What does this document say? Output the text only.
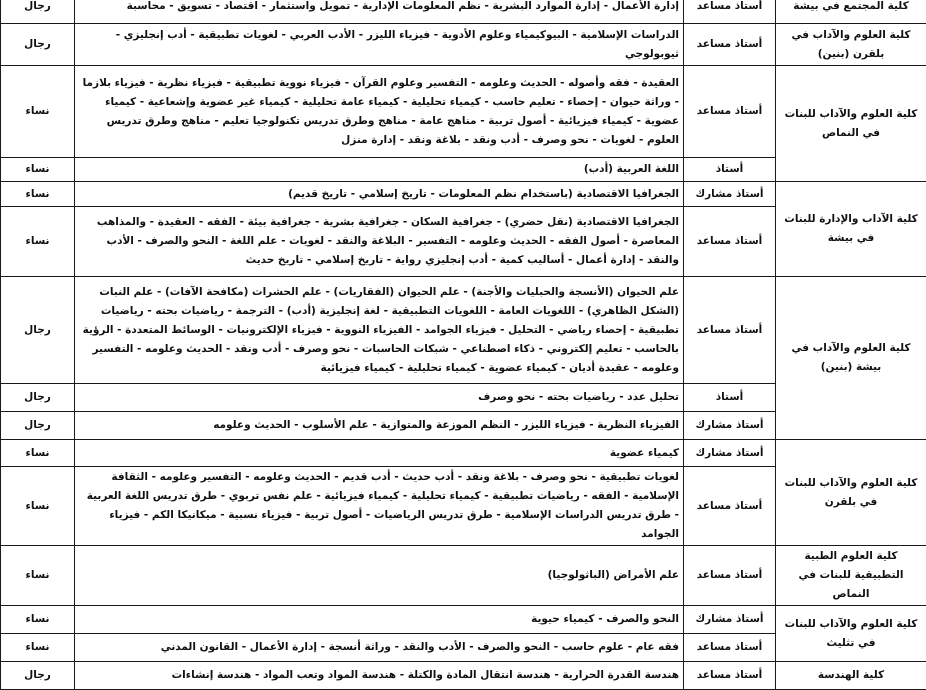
كلية المجتمع في بيشة	أستاذ مساعد	إدارة الأعمال - إدارة الموارد البشرية - نظم المعلومات الإدارية - تمويل واستثمار - اقتصاد - تسويق - محاسبة	رجال
كلية العلوم والآداب في بلقرن (بنين)	أستاذ مساعد	الدراسات الإسلامية - البيوكيمياء وعلوم الأدوية - فيزياء الليزر - الأدب العربي - لغويات تطبيقية - أدب إنجليزي - ثيوبولوجي	رجال
كلية العلوم والآداب للبنات في النماص	أستاذ مساعد	العقيدة - فقه وأصوله - الحديث وعلومه - التفسير وعلوم القرآن - فيزياء نووية تطبيقية - فيزياء نظرية - فيزياء بلازما - وراثة حيوان - إحصاء - تعليم حاسب - كيمياء تحليلية - كيمياء عامة تحليلية - كيمياء غير عضوية وإشعاعية - كيمياء عضوية - كيمياء فيزيائية - أصول تربية - مناهج عامة - مناهج وطرق تدريس تكنولوجيا تعليم - مناهج وطرق تدريس العلوم - لغويات - نحو وصرف - أدب ونقد - بلاغة ونقد - إدارة منزل	نساء
	أستاذ	اللغة العربية (أدب)	نساء
كلية الآداب والإدارة للبنات في بيشة	أستاذ مشارك	الجغرافيا الاقتصادية (باستخدام نظم المعلومات - تاريخ إسلامي - تاريخ قديم)	نساء
	أستاذ مساعد	الجغرافيا الاقتصادية (نقل حضري) - جغرافية السكان - جغرافية بشرية - جغرافية بيئة - الفقه - العقيدة - والمذاهب المعاصرة - أصول الفقه - الحديث وعلومه - التفسير - البلاغة والنقد - لغويات - علم اللغة - النحو والصرف - الأدب والنقد - إدارة أعمال - أساليب كمية - أدب إنجليزي رواية - تاريخ إسلامي - تاريخ حديث	نساء
كلية العلوم والآداب في بيشة (بنين)	أستاذ مساعد	علم الحيوان (الأنسجة والحبليات والأجنة) - علم الحيوان (الفقاريات) - علم الحشرات (مكافحة الآفات) - علم النبات (الشكل الظاهري) - اللغويات العامة - اللغويات التطبيقية - لغة إنجليزية (أدب) - الترجمة - رياضيات بحته - رياضيات تطبيقية - إحصاء رياضي - التحليل - فيزياء الجوامد - الفيزياء النووية - فيزياء الإلكترونيات - الوسائط المتعددة - الرؤية بالحاسب - تعليم إلكتروني - ذكاء اصطناعي - شبكات الحاسبات - نحو وصرف - أدب ونقد - الحديث وعلومه - التفسير وعلومه - عقيدة أديان - كيمياء عضوية - كيمياء تحليلية - كيمياء فيزيائية	رجال
	أستاذ	تحليل عدد - رياضيات بحته - نحو وصرف	رجال
	أستاذ مشارك	الفيزياء النظرية - فيزياء الليزر - النظم الموزعة والمتوازية - علم الأسلوب - الحديث وعلومه	رجال
كلية العلوم والآداب للبنات في بلقرن	أستاذ مشارك	كيمياء عضوية	نساء
	أستاذ مساعد	لغويات تطبيقية - نحو وصرف - بلاغة ونقد - أدب حديث - أدب قديم - الحديث وعلومه - التفسير وعلومه - الثقافة الإسلامية - الفقه - رياضيات تطبيقية - كيمياء تحليلية - كيمياء فيزيائية - علم نفس تربوي - طرق تدريس اللغة العربية - طرق تدريس الدراسات الإسلامية - طرق تدريس الرياضيات - أصول تربية - فيزياء نسبية - ميكانيكا الكم - فيزياء الجوامد	نساء
كلية العلوم الطبية التطبيقية للبنات في النماص	أستاذ مساعد	علم الأمراض (الباثولوجيا)	نساء
كلية العلوم والآداب للبنات في تثليث	أستاذ مشارك	النحو والصرف - كيمياء حيوية	نساء
	أستاذ مساعد	فقه عام - علوم حاسب - النحو والصرف - الأدب والنقد - وراثة أنسجة - إدارة الأعمال - القانون المدني	نساء
كلية الهندسة	أستاذ مساعد	هندسة القدرة الحرارية - هندسة انتقال المادة والكتلة - هندسة المواد وتعب المواد - هندسة إنشاءات	رجال
